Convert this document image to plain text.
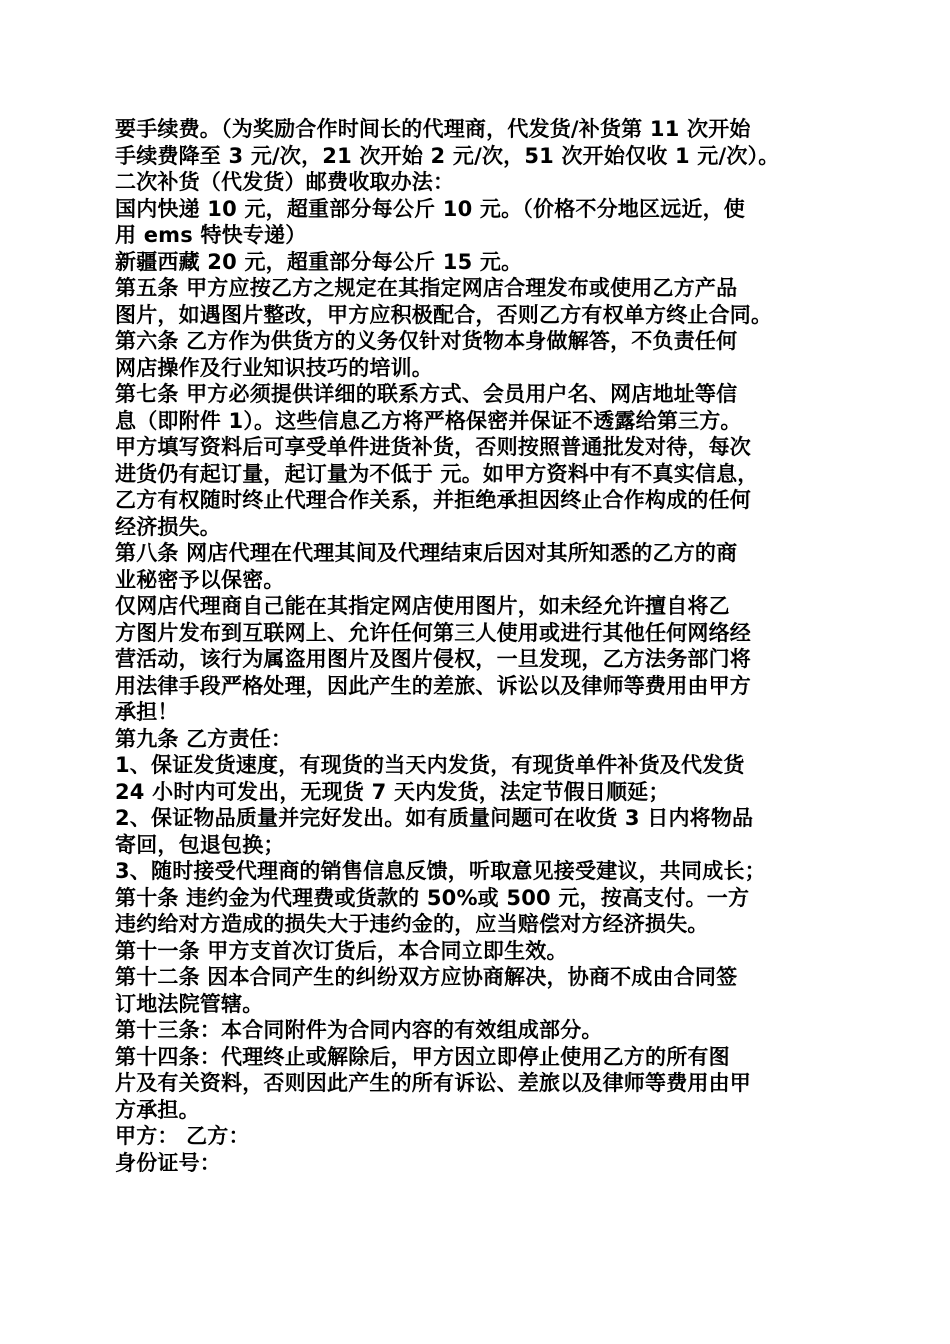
要手续费。（为奖励合作时间长的代理商，代发货/补货第 11 次开始
手续费降至 3 元/次，21 次开始 2 元/次，51 次开始仅收 1 元/次）。
二次补货（代发货）邮费收取办法：
国内快递 10 元，超重部分每公斤 10 元。（价格不分地区远近，使
用 ems 特快专递）
新疆西藏 20 元，超重部分每公斤 15 元。
第五条 甲方应按乙方之规定在其指定网店合理发布或使用乙方产品
图片，如遇图片整改，甲方应积极配合，否则乙方有权单方终止合同。
第六条 乙方作为供货方的义务仅针对货物本身做解答，不负责任何
网店操作及行业知识技巧的培训。
第七条 甲方必须提供详细的联系方式、会员用户名、网店地址等信
息（即附件 1）。这些信息乙方将严格保密并保证不透露给第三方。
甲方填写资料后可享受单件进货补货，否则按照普通批发对待，每次
进货仍有起订量，起订量为不低于 元。如甲方资料中有不真实信息，
乙方有权随时终止代理合作关系，并拒绝承担因终止合作构成的任何
经济损失。
第八条 网店代理在代理其间及代理结束后因对其所知悉的乙方的商
业秘密予以保密。
仅网店代理商自己能在其指定网店使用图片，如未经允许擅自将乙
方图片发布到互联网上、允许任何第三人使用或进行其他任何网络经
营活动，该行为属盗用图片及图片侵权，一旦发现，乙方法务部门将
用法律手段严格处理，因此产生的差旅、诉讼以及律师等费用由甲方
承担！
第九条 乙方责任：
1、保证发货速度，有现货的当天内发货，有现货单件补货及代发货
24 小时内可发出，无现货 7 天内发货，法定节假日顺延；
2、保证物品质量并完好发出。如有质量问题可在收货 3 日内将物品
寄回，包退包换；
3、随时接受代理商的销售信息反馈，听取意见接受建议，共同成长；
第十条 违约金为代理费或货款的 50%或 500 元，按高支付。一方
违约给对方造成的损失大于违约金的，应当赔偿对方经济损失。
第十一条 甲方支首次订货后，本合同立即生效。
第十二条 因本合同产生的纠纷双方应协商解决，协商不成由合同签
订地法院管辖。
第十三条：本合同附件为合同内容的有效组成部分。
第十四条：代理终止或解除后，甲方因立即停止使用乙方的所有图
片及有关资料，否则因此产生的所有诉讼、差旅以及律师等费用由甲
方承担。
甲方： 乙方：
身份证号：
